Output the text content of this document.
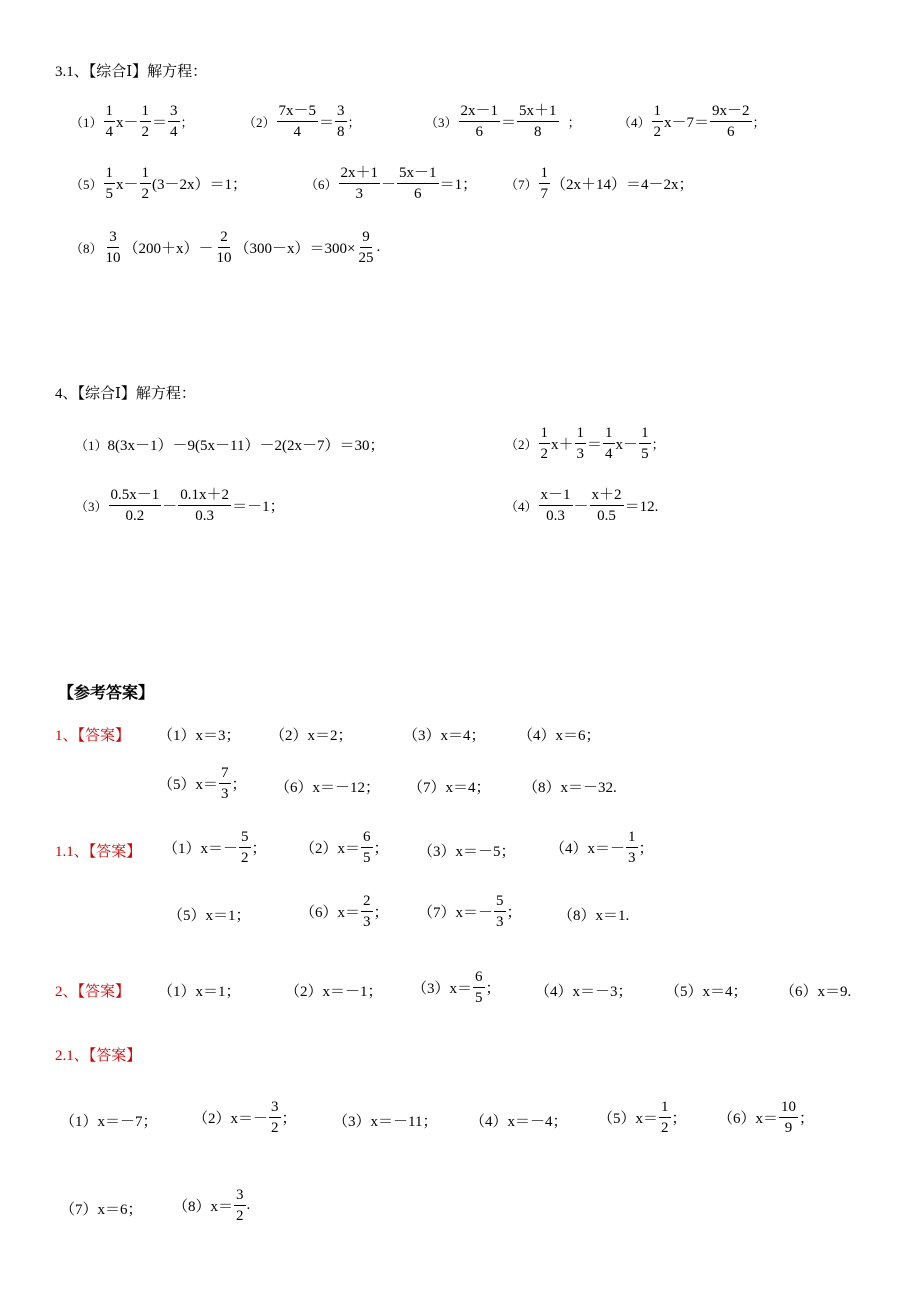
3.1、【综合Ⅰ】解方程：
（1）
1
4
x－
1
2
＝
3
4
；	（2）
7x－5
4
＝
3
8
；	（3）
2x－1
6
＝
5x＋1
8
；	（4）
1
2
x－7＝
9x－2
6
；
（5）
1
5
x－
1
2
(3－2x）＝1；	（6）
2x＋1
3
－
5x－1
6
＝1； （7）
1
7
（2x＋14）＝4－2x；
（8）
3
10
（200＋x）－
2
10
$(300-x)=300\times \frac{9}{25}$ .
4、【综合Ⅰ】解方程：
（1） 8(3x－1）－9(5x－11）－2(2x－7）＝30；	（2）
1
2
x＋
1
3
＝
1
4
x－
1
5
；
（3）
0.5x－1
0.2
－
0.1x＋2
0.3
＝－1；	（4）
x－1
0.3
－
x＋2
0.5
＝12.
【参考答案】
1、【答案】 （1）x＝3； （2）x＝2；	（3）x＝4； （4）x＝6；
（5）x＝
7
3
； （6）x＝－12； （7）x＝4； （8）x＝－32.
1.1、【答案】 （1）x＝－
5
2
； （2）x＝
6
5
； （3）x＝－5； （4）x＝－
1
3
；
（5）x＝1；	（6）x＝
2
3
； （7）x＝－
5
3
； （8）x＝1.
2、【答案】 （1）x＝1；	（2）x＝－1； （3）x＝
6
5
； （4）x＝－3； （5）x＝4； （6）x＝9.
2.1、【答案】
（1）x＝－7； （2）x＝－
3
2
； （3）x＝－11； （4）x＝－4； （5）x＝
1
2
； （6）x＝
10
9
；
（7）x＝6； （8）x＝
3
2
.
